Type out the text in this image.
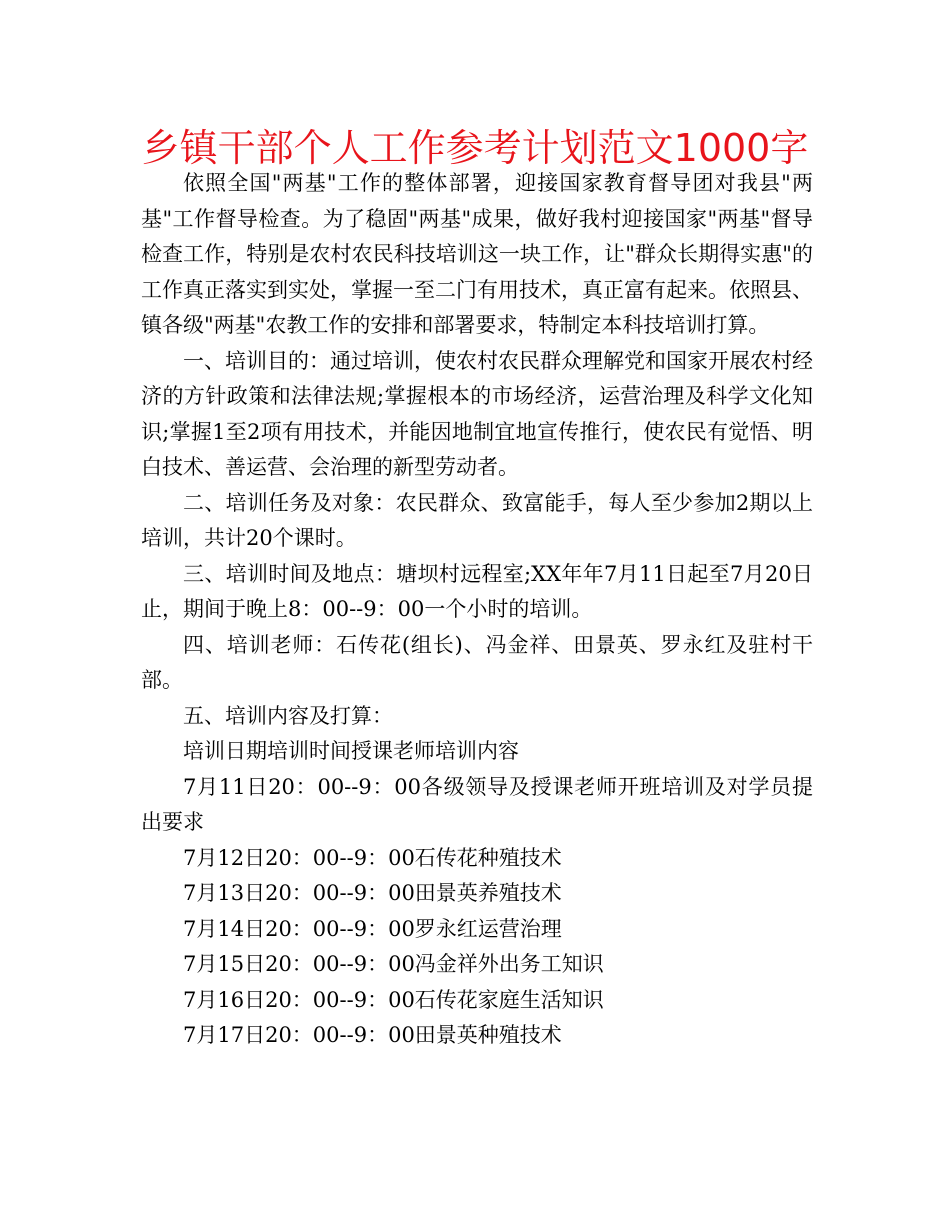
乡镇干部个人工作参考计划范文1000字

依照全国"两基"工作的整体部署，迎接国家教育督导团对我县"两基"工作督导检查。为了稳固"两基"成果，做好我村迎接国家"两基"督导检查工作，特别是农村农民科技培训这一块工作，让"群众长期得实惠"的工作真正落实到实处，掌握一至二门有用技术，真正富有起来。依照县、镇各级"两基"农教工作的安排和部署要求，特制定本科技培训打算。

一、培训目的：通过培训，使农村农民群众理解党和国家开展农村经济的方针政策和法律法规;掌握根本的市场经济，运营治理及科学文化知识;掌握1至2项有用技术，并能因地制宜地宣传推行，使农民有觉悟、明白技术、善运营、会治理的新型劳动者。

二、培训任务及对象：农民群众、致富能手，每人至少参加2期以上培训，共计20个课时。

三、培训时间及地点：塘坝村远程室;XX年年7月11日起至7月20日止，期间于晚上8：00--9：00一个小时的培训。

四、培训老师：石传花(组长)、冯金祥、田景英、罗永红及驻村干部。

五、培训内容及打算：

培训日期培训时间授课老师培训内容

7月11日20：00--9：00各级领导及授课老师开班培训及对学员提出要求

7月12日20：00--9：00石传花种殖技术

7月13日20：00--9：00田景英养殖技术

7月14日20：00--9：00罗永红运营治理

7月15日20：00--9：00冯金祥外出务工知识

7月16日20：00--9：00石传花家庭生活知识

7月17日20：00--9：00田景英种殖技术
